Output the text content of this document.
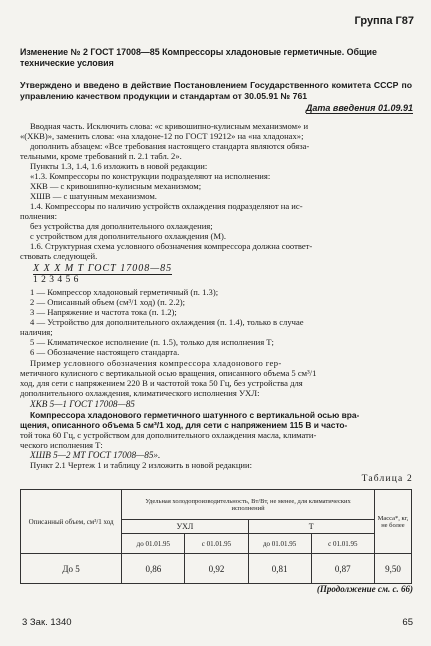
Группа Г87
Изменение № 2 ГОСТ 17008—85 Компрессоры хладоновые герметичные. Общие технические условия
Утверждено и введено в действие Постановлением Государственного комитета СССР по управлению качеством продукции и стандартам от 30.05.91 № 761
Дата введения 01.09.91
Вводная часть. Исключить слова: «с кривошипно-кулисным механизмом» и
«(ХКВ)», заменить слова: «на хладоне-12 по ГОСТ 19212» на «на хладонах»;
дополнить абзацем: «Все требования настоящего стандарта являются обяза-
тельными, кроме требований п. 2.1 табл. 2».
Пункты 1.3, 1.4, 1.6 изложить в новой редакции:
«1.3. Компрессоры по конструкции подразделяют на исполнения:
ХКВ — с кривошипно-кулисным механизмом;
ХШВ — с шатунным механизмом.
1.4. Компрессоры по наличию устройств охлаждения подразделяют на ис-
полнения:
без устройства для дополнительного охлаждения;
с устройством для дополнительного охлаждения (М).
1.6. Структурная схема условного обозначения компрессора должна соответ-
ствовать следующей.
Х Х Х М Т ГОСТ 17008—85
1 2 3 4 5 6
1 — Компрессор хладоновый герметичный (п. 1.3);
2 — Описанный объем (см³/1 ход) (п. 2.2);
3 — Напряжение и частота тока (п. 1.2);
4 — Устройство для дополнительного охлаждения (п. 1.4), только в случае
наличия;
5 — Климатическое исполнение (п. 1.5), только для исполнения Т;
6 — Обозначение настоящего стандарта.
Пример условного обозначения компрессора хладонового гер-
метичного кулисного с вертикальной осью вращения, описанного объема 5 см³/1
ход, для сети с напряжением 220 В и частотой тока 50 Гц, без устройства для
дополнительного охлаждения, климатического исполнения УХЛ:
ХКВ 5—1 ГОСТ 17008—85
Компрессора хладонового герметичного шатунного с вертикальной осью вра-
щения, описанного объема 5 см³/1 ход, для сети с напряжением 115 В и часто-
той тока 60 Гц, с устройством для дополнительного охлаждения масла, климати-
ческого исполнения Т:
ХШВ 5—2 МТ ГОСТ 17008—85».
Пункт 2.1 Чертеж 1 и таблицу 2 изложить в новой редакции:
Таблица 2
Описанный объем, см³/1 ход	Удельная холодопроизводительность, Вт/Вт, не менее, для климатических исполнений				Масса*, кг, не более
	УХЛ		Т		
	до 01.01.95	с 01.01.95	до 01.01.95	с 01.01.95	
До 5	0,86	0,92	0,81	0,87	9,50
(Продолжение см. с. 66)
3 Зак. 1340	65
